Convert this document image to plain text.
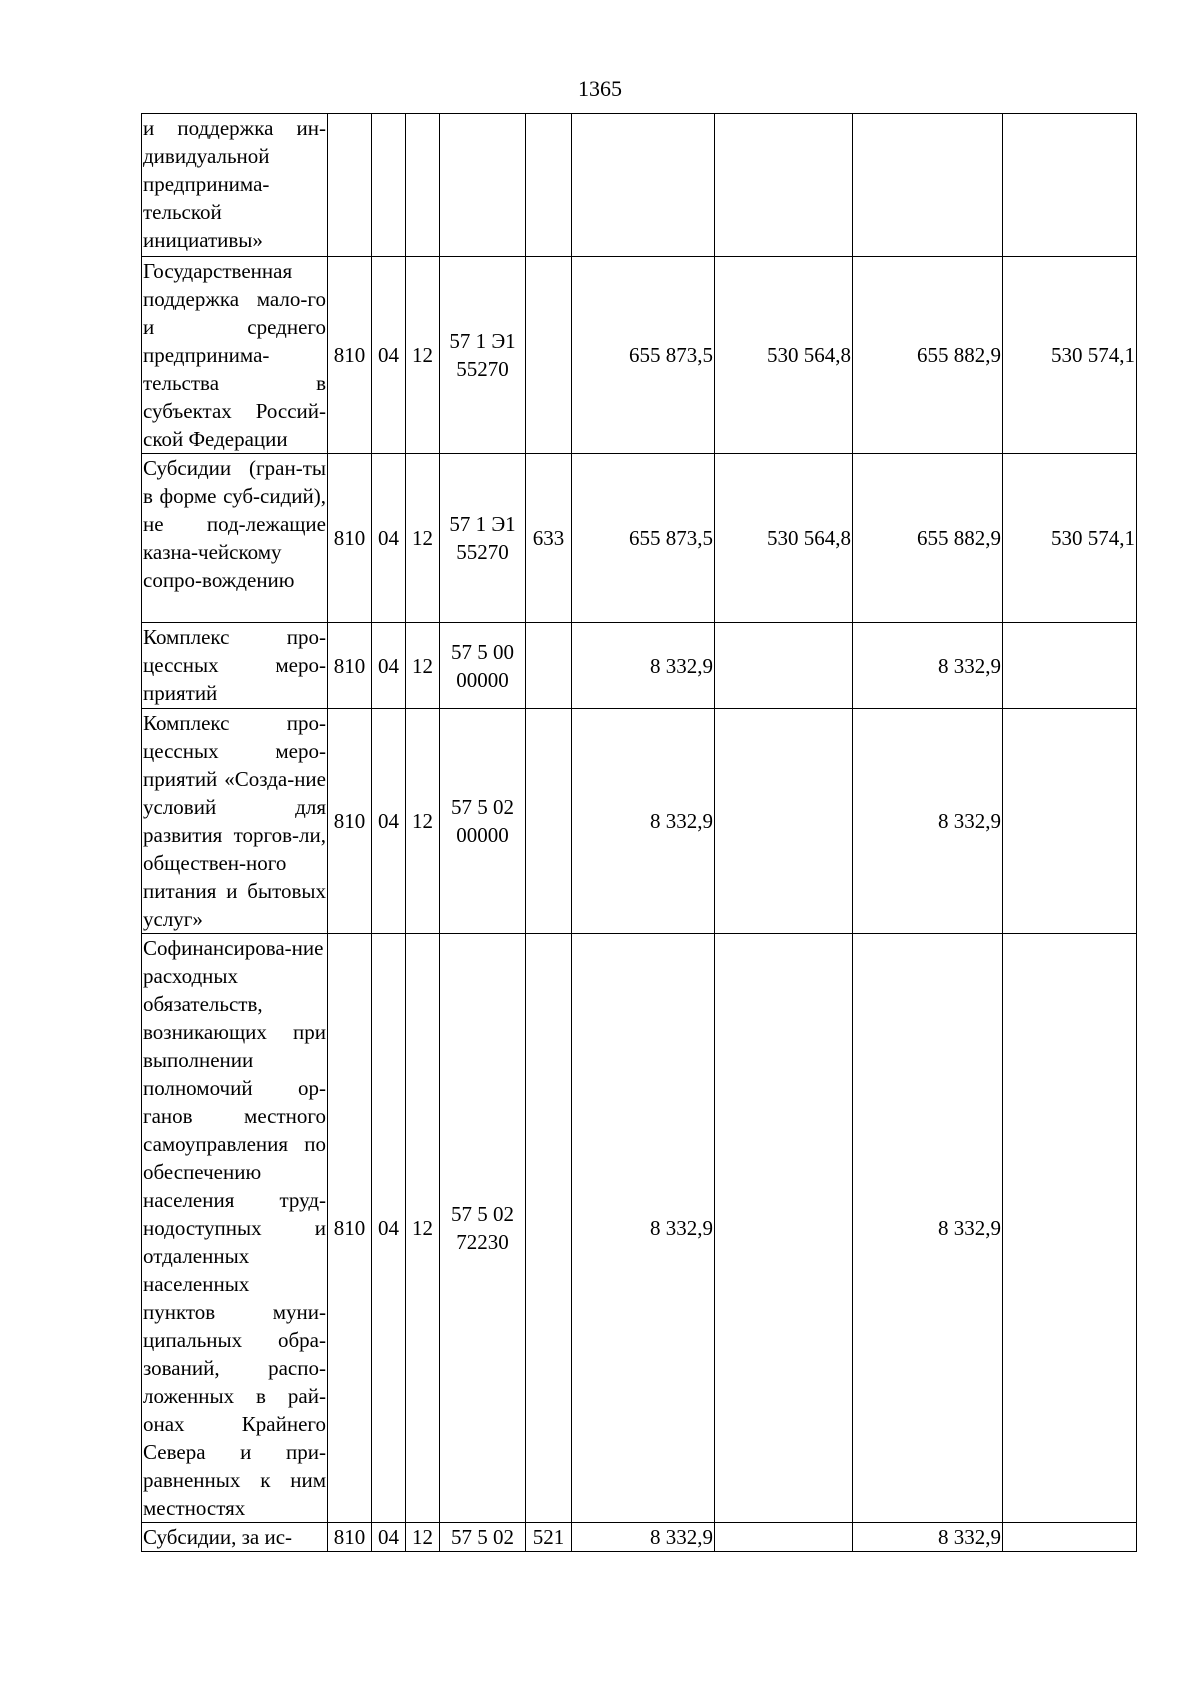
1365
и поддержка ин-дивидуальной предпринима-тельской инициативы»									
Государственная поддержка мало-го и среднего предпринима-тельства в субъектах Россий-ской Федерации	810	04	12	57 1 Э1 55270		655 873,5	530 564,8	655 882,9	530 574,1
Субсидии (гран-ты в форме суб-сидий), не под-лежащие казна-чейскому сопро-вождению	810	04	12	57 1 Э1 55270	633	655 873,5	530 564,8	655 882,9	530 574,1
Комплекс про-цессных меро-приятий	810	04	12	57 5 00 00000		8 332,9		8 332,9	
Комплекс про-цессных меро-приятий «Созда-ние условий для развития торгов-ли, обществен-ного питания и бытовых услуг»	810	04	12	57 5 02 00000		8 332,9		8 332,9	
Софинансирова-ние расходных обязательств, возникающих при выполнении полномочий ор-ганов местного самоуправления по обеспечению населения труд-нодоступных и отдаленных населенных пунктов муни-ципальных обра-зований, распо-ложенных в рай-онах Крайнего Севера и при-равненных к ним местностях	810	04	12	57 5 02 72230		8 332,9		8 332,9	
Субсидии, за ис-	810	04	12	57 5 02	521	8 332,9		8 332,9	
